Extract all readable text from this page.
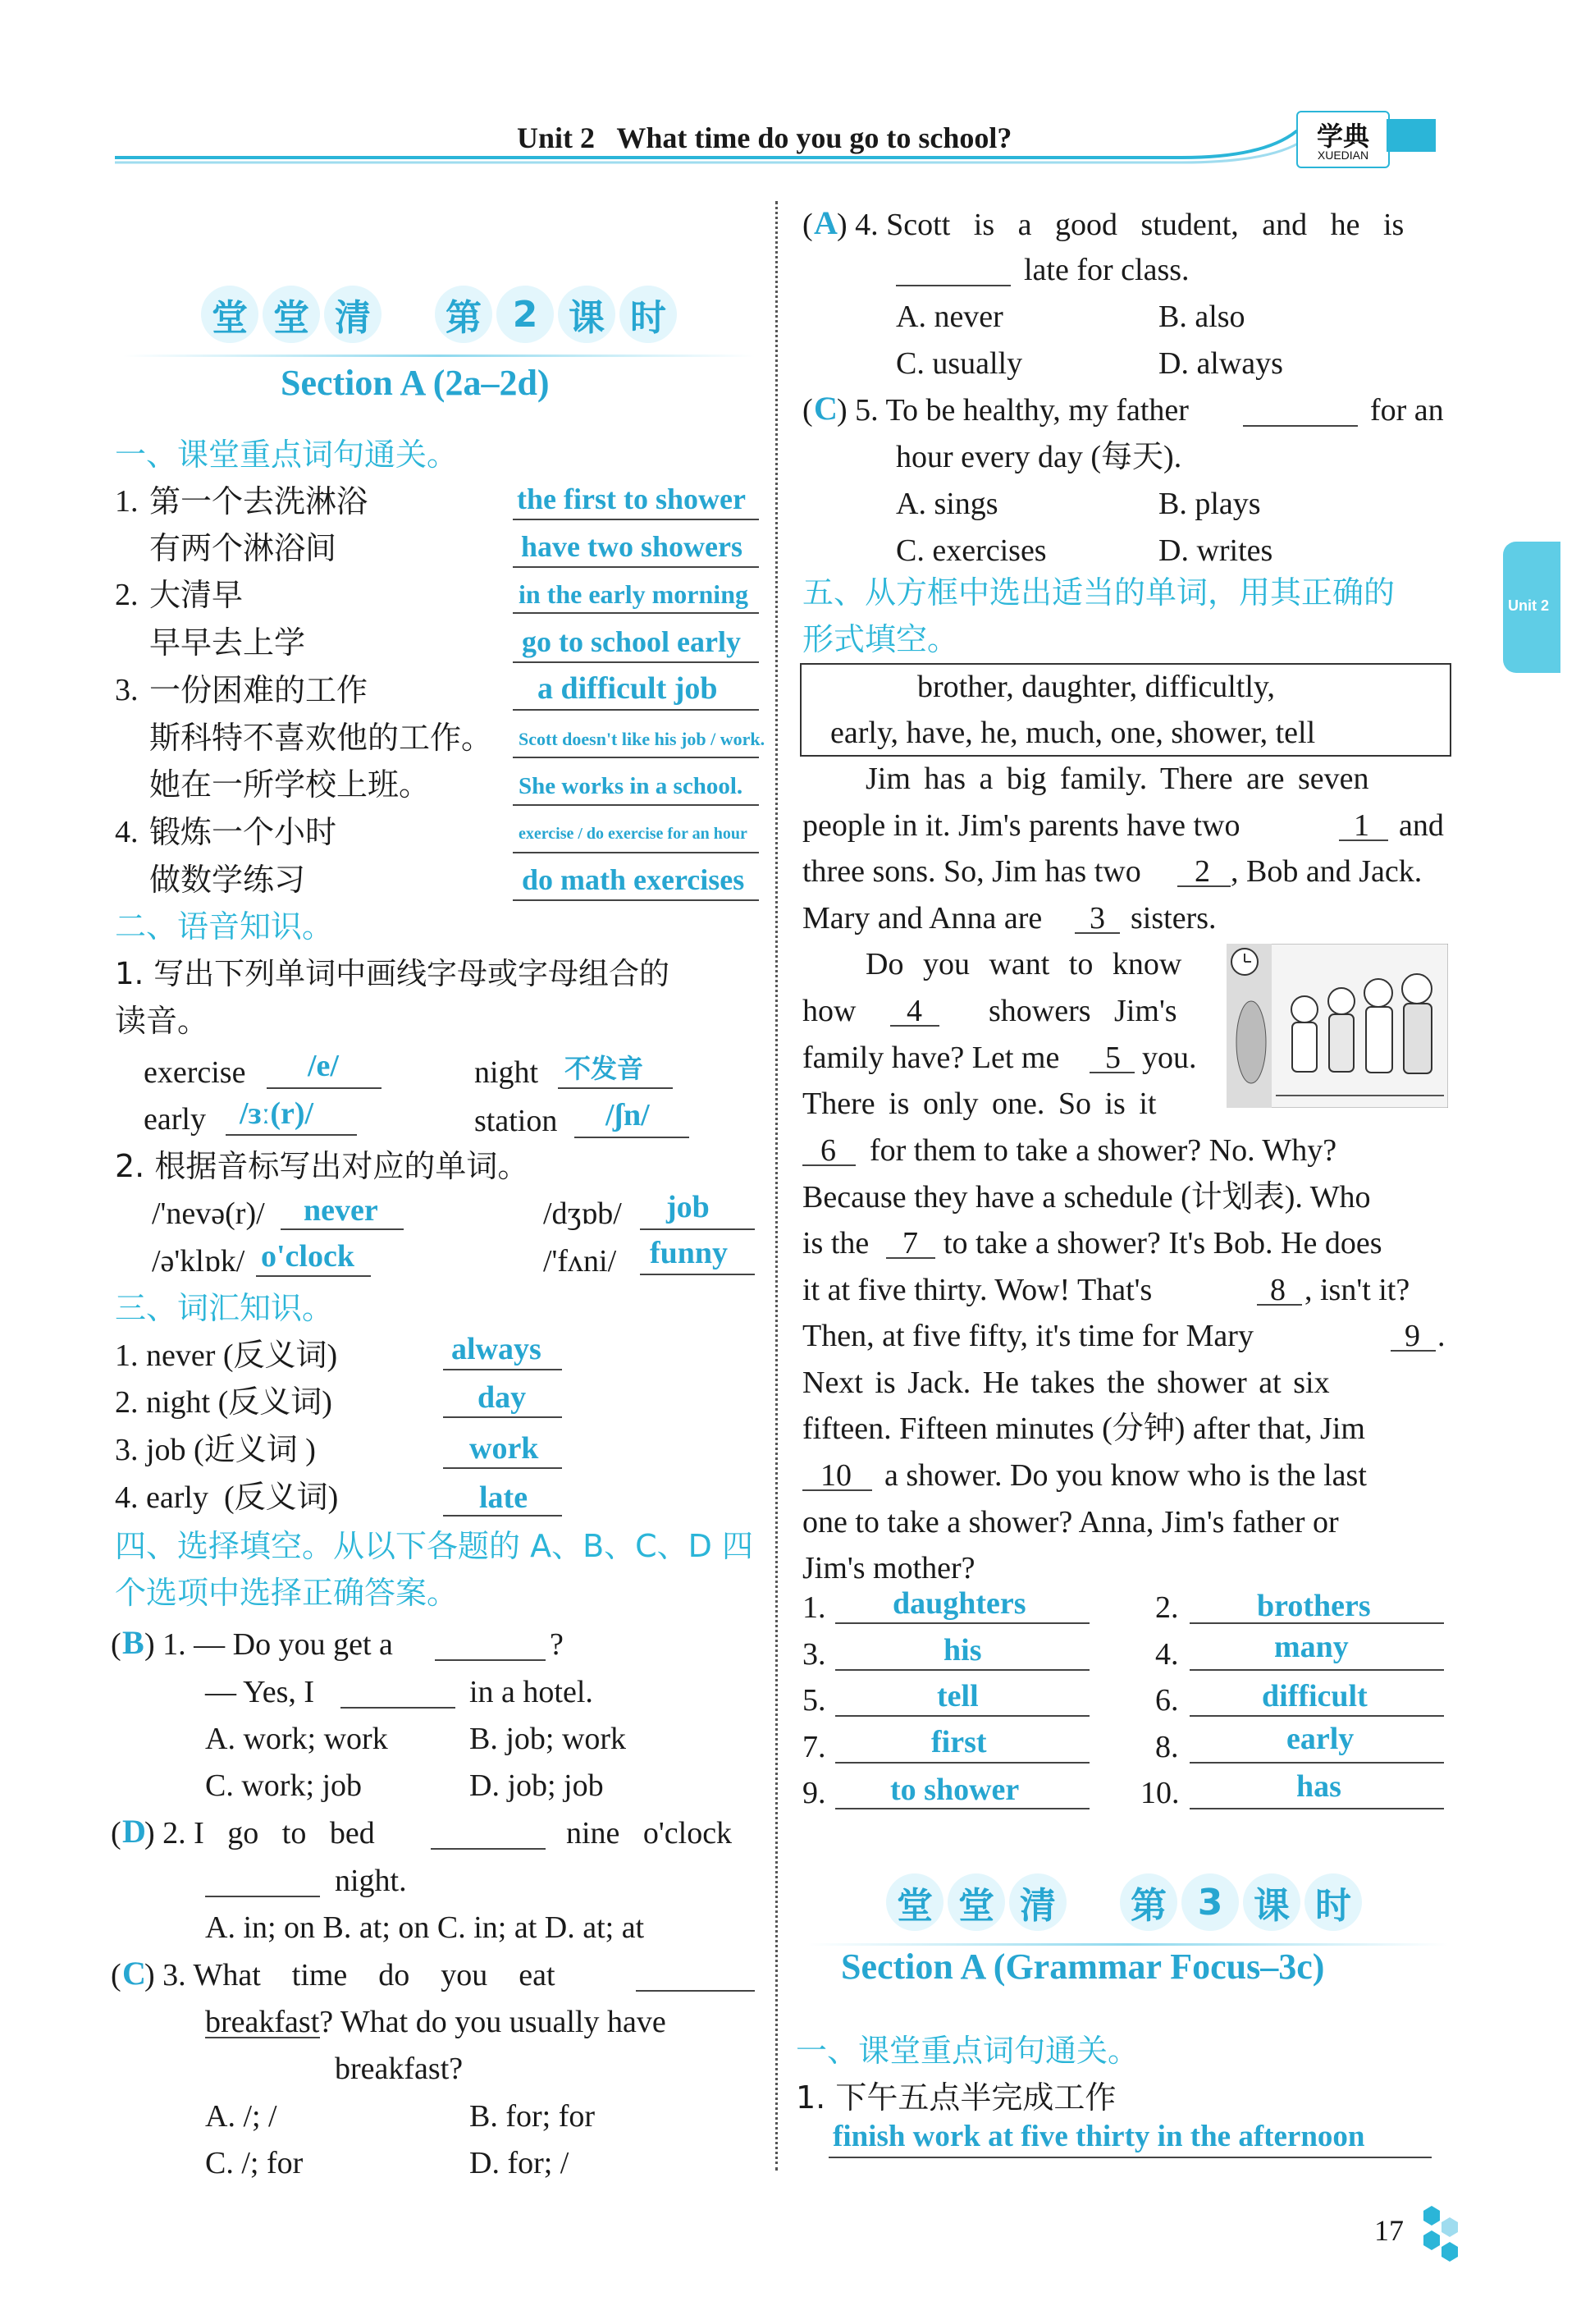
Unit 2   What time do you go to school?	学典
XUEDIAN
Unit 2
堂 堂 清 第 2 课 时
Section A (2a–2d)
一、课堂重点词句通关。
1. 第一个去洗淋浴	the first to shower
有两个淋浴间	have two showers
2. 大清早	in the early morning
早早去上学	go to school early
3. 一份困难的工作	a difficult job
斯科特不喜欢他的工作。 Scott doesn't like his job / work.
她在一所学校上班。	She works in a school.
4. 锻炼一个小时	exercise / do exercise for an hour
做数学练习	do math exercises
二、语音知识。
1. 写出下列单词中画线字母或字母组合的
读音。
exercise /e/	night 不发音
early /ɜː(r)/	station /ʃn/
2. 根据音标写出对应的单词。
/'nevə(r)/ never	/dʒɒb/ job
/ə'klɒk/ o'clock	/'fʌni/ funny
三、词汇知识。
1. never (反义词)	always
2. night (反义词)	day
3. job (近义词 )	work
4. early  (反义词)	late
四、选择填空。从以下各题的 A、B、C、D 四
个选项中选择正确答案。
( B ) 1. — Do you get a	?
— Yes, I	in a hotel.
A. work; work	B. job; work
C. work; job	D. job; job
( D
) 2. I   go   to   bed	nine   o'clock
night.
A. in; on B. at; on C. in; at D. at; at
( C
) 3. What    time    do    you    eat
breakfast? What do you usually have
breakfast?
A. /; /	B. for; for
C. /; for	D. for; /
( A ) 4. Scott   is   a   good   student,   and   he   is
late for class.
A. never	B. also
C. usually	D. always
( C ) 5. To be healthy, my father	for an
hour every day (每天).
A. sings	B. plays
C. exercises	D. writes
五、从方框中选出适当的单词，用其正确的
形式填空。
brother, daughter, difficultly,
early, have, he, much, one, shower, tell
Jim has a big family. There are seven
people in it. Jim's parents have two	1 and
three sons. So, Jim has two 2 , Bob and Jack.
Mary and Anna are 3 sisters.
Do you want to know
how 4 showers   Jim's
family have? Let me 5 you.
There is only one. So is it
6 for them to take a shower? No. Why?
Because they have a schedule (计划表). Who
is the 7 to take a shower? It's Bob. He does
it at five thirty. Wow! That's	8 , isn't it?
Then, at five fifty, it's time for Mary	9 .
Next is Jack. He takes the shower at six
fifteen. Fifteen minutes (分钟) after that, Jim
10 a shower. Do you know who is the last
one to take a shower? Anna, Jim's father or
Jim's mother?
1. daughters	2.	brothers
3.	his	4.	many
5.	tell	6.	difficult
7.	first	8.	early
9. to shower	10.	has
堂 堂 清 第 3 课 时
Section A (Grammar Focus–3c)
一、课堂重点词句通关。
1. 下午五点半完成工作
finish work at five thirty in the afternoon
17
